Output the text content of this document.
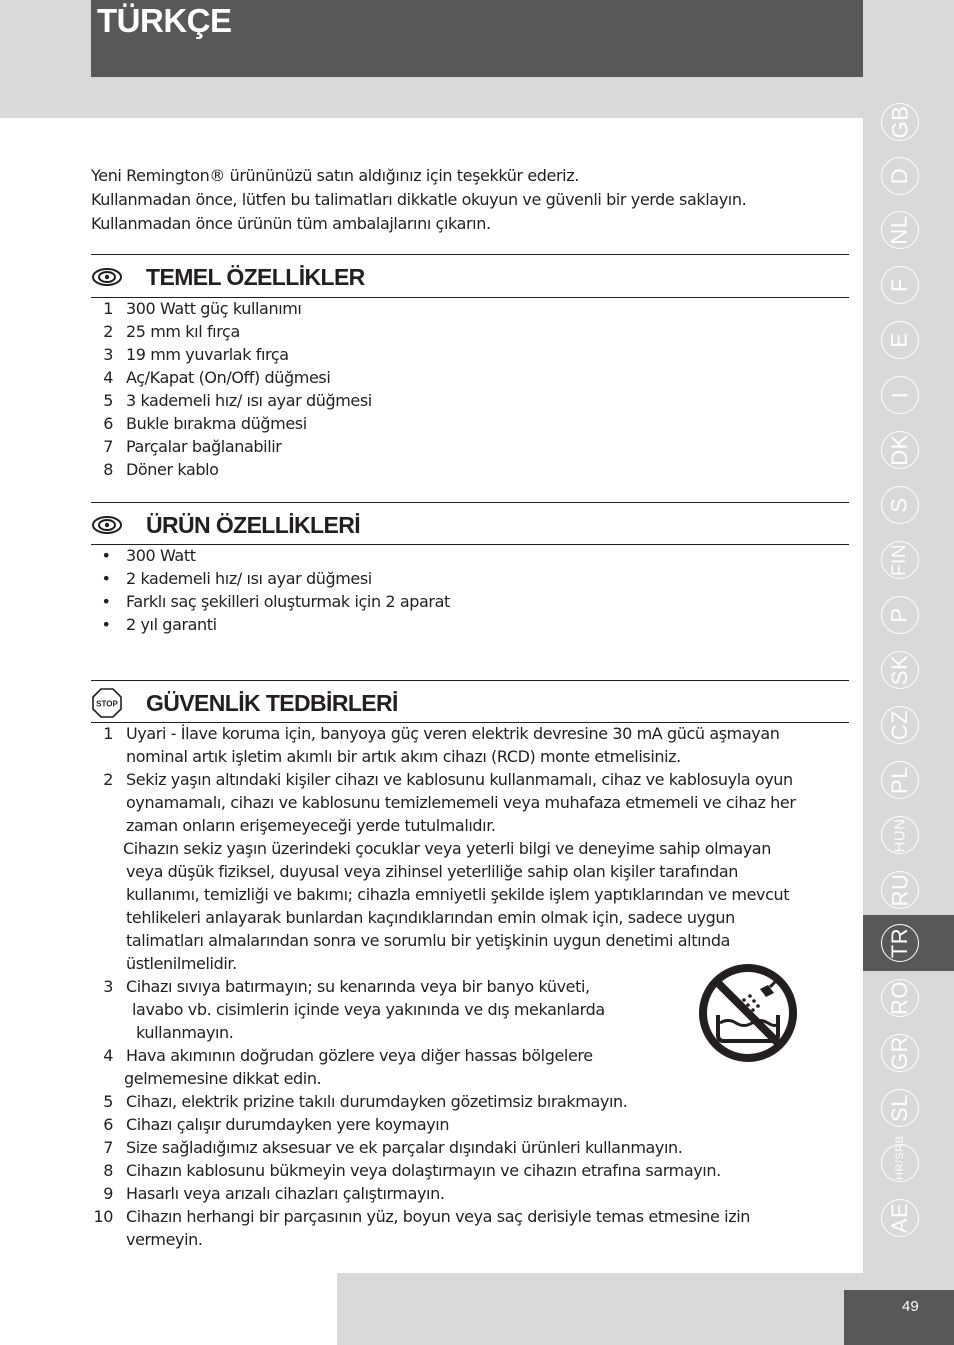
TÜRKÇE

Yeni Remington® ürününüzü satın aldığınız için teşekkür ederiz.

Kullanmadan önce, lütfen bu talimatları dikkatle okuyun ve güvenli bir yerde saklayın.

Kullanmadan önce ürünün tüm ambalajlarını çıkarın.

TEMEL ÖZELLİKLER
1 300 Watt güç kullanımı
2 25 mm kıl fırça
3 19 mm yuvarlak fırça
4 Aç/Kapat (On/Off) düğmesi
5 3 kademeli hız/ ısı ayar düğmesi
6 Bukle bırakma düğmesi
7 Parçalar bağlanabilir
8 Döner kablo
ÜRÜN ÖZELLİKLERİ
• 300 Watt
• 2 kademeli hız/ ısı ayar düğmesi
• Farklı saç şekilleri oluşturmak için 2 aparat
• 2 yıl garanti
STOP GÜVENLİK TEDBİRLERİ
1 Uyari - İlave koruma için, banyoya güç veren elektrik devresine 30 mA gücü aşmayan
nominal artık işletim akımlı bir artık akım cihazı (RCD) monte etmelisiniz.
2 Sekiz yaşın altındaki kişiler cihazı ve kablosunu kullanmamalı, cihaz ve kablosuyla oyun
oynamamalı, cihazı ve kablosunu temizlememeli veya muhafaza etmemeli ve cihaz her
zaman onların erişemeyeceği yerde tutulmalıdır.
Cihazın sekiz yaşın üzerindeki çocuklar veya yeterli bilgi ve deneyime sahip olmayan
veya düşük fiziksel, duyusal veya zihinsel yeterliliğe sahip olan kişiler tarafından
kullanımı, temizliği ve bakımı; cihazla emniyetli şekilde işlem yaptıklarından ve mevcut
tehlikeleri anlayarak bunlardan kaçındıklarından emin olmak için, sadece uygun
talimatları almalarından sonra ve sorumlu bir yetişkinin uygun denetimi altında
üstlenilmelidir.
3 Cihazı sıvıya batırmayın; su kenarında veya bir banyo küveti,
lavabo vb. cisimlerin içinde veya yakınında ve dış mekanlarda
kullanmayın.
4 Hava akımının doğrudan gözlere veya diğer hassas bölgelere
gelmemesine dikkat edin.
5 Cihazı, elektrik prizine takılı durumdayken gözetimsiz bırakmayın.
6 Cihazı çalışır durumdayken yere koymayın
7 Size sağladığımız aksesuar ve ek parçalar dışındaki ürünleri kullanmayın.
8 Cihazın kablosunu bükmeyin veya dolaştırmayın ve cihazın etrafına sarmayın.
9 Hasarlı veya arızalı cihazları çalıştırmayın.
10 Cihazın herhangi bir parçasının yüz, boyun veya saç derisiyle temas etmesine izin
vermeyin.
GB
D
NL
F
E
I
DK
S
FIN
P
SK
CZ
PL
HUN
RU
TR
RO
GR
SL
HR/SRB
AE
49
